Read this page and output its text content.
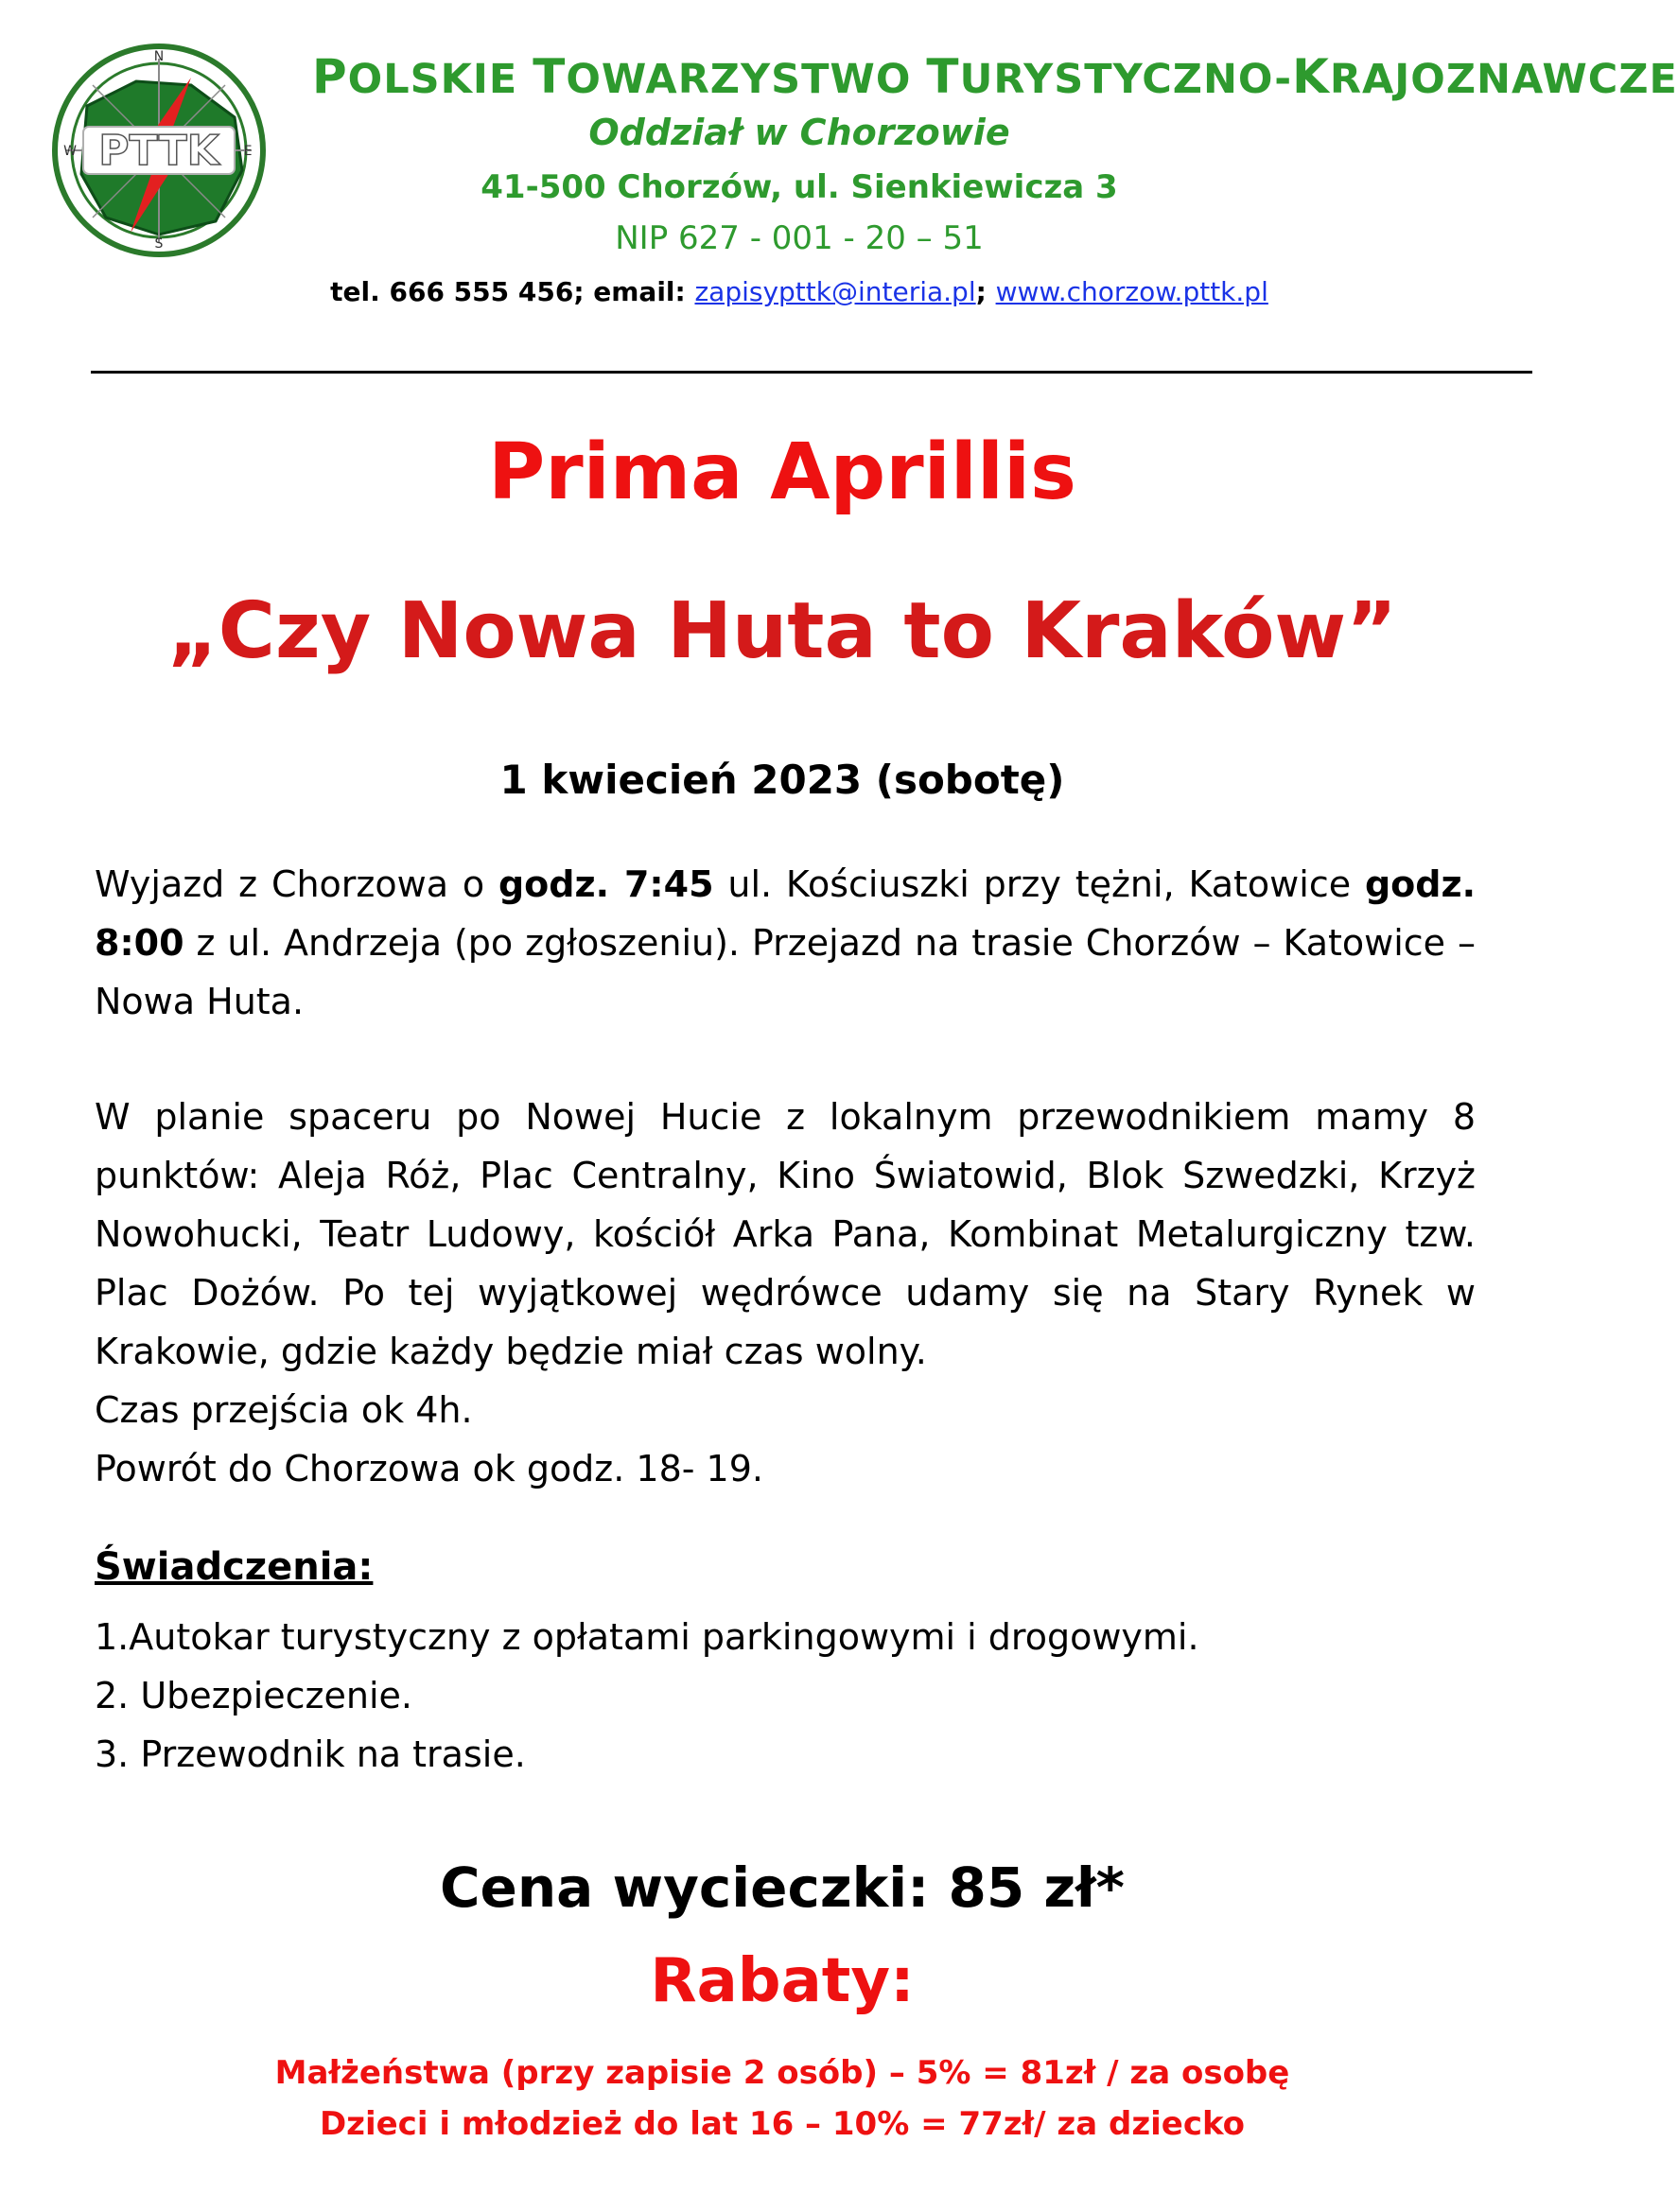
PTTK
N
S
E
W
POLSKIE TOWARZYSTWO TURYSTYCZNO-KRAJOZNAWCZE
Oddział w Chorzowie
41-500 Chorzów, ul. Sienkiewicza 3
NIP 627 - 001 - 20 – 51
tel. 666 555 456; email: zapisypttk@interia.pl; www.chorzow.pttk.pl
Prima Aprillis
„Czy Nowa Huta to Kraków”
1 kwiecień 2023 (sobotę)
Wyjazd z Chorzowa o godz. 7:45 ul. Kościuszki przy tężni, Katowice godz. 8:00 z ul. Andrzeja (po zgłoszeniu). Przejazd na trasie Chorzów – Katowice – Nowa Huta.
W planie spaceru po Nowej Hucie z lokalnym przewodnikiem mamy 8 punktów: Aleja Róż, Plac Centralny, Kino Światowid, Blok Szwedzki, Krzyż Nowohucki, Teatr Ludowy, kościół Arka Pana, Kombinat Metalurgiczny tzw. Plac Dożów. Po tej wyjątkowej wędrówce udamy się na Stary Rynek w Krakowie, gdzie każdy będzie miał czas wolny.
Czas przejścia ok 4h.
Powrót do Chorzowa ok godz. 18- 19.
Świadczenia:
1.Autokar turystyczny z opłatami parkingowymi i drogowymi.
2. Ubezpieczenie.
3. Przewodnik na trasie.
Cena wycieczki: 85 zł*
Rabaty:
Małżeństwa (przy zapisie 2 osób) – 5% = 81zł / za osobę
Dzieci i młodzież do lat 16 – 10% = 77zł/ za dziecko
